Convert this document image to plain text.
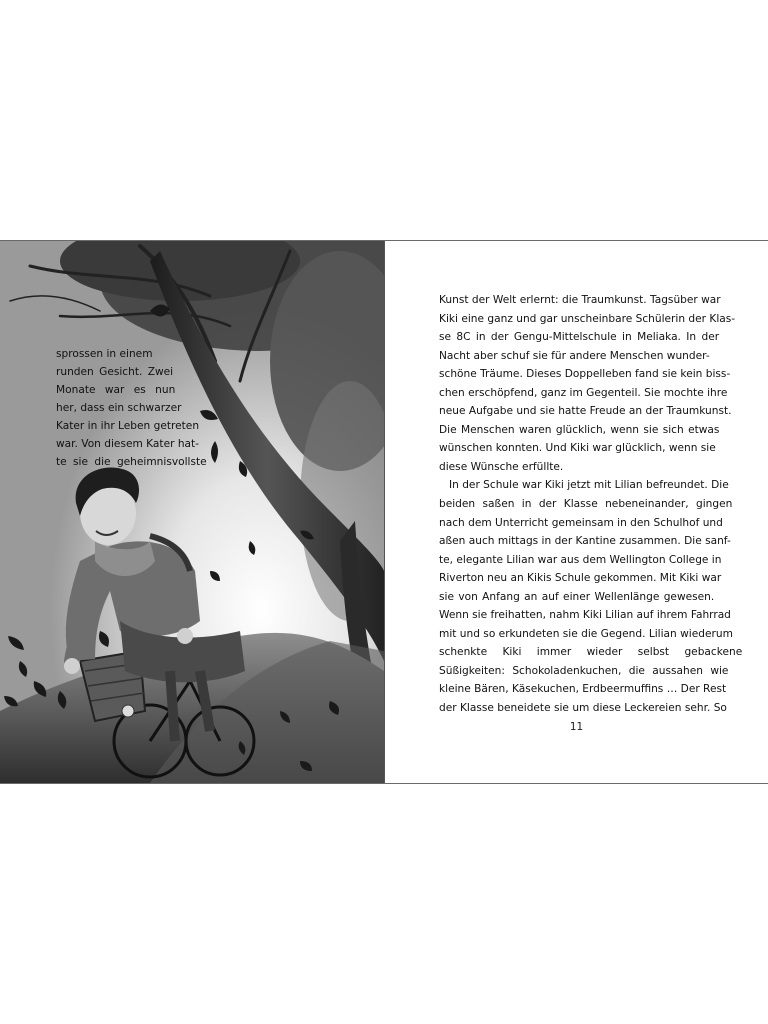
sprossen in einem
runden Gesicht. Zwei
Monate war es nun
her, dass ein schwarzer
Kater in ihr Leben getreten
war. Von diesem Kater hat-
te sie die geheimnisvollste
Kunst der Welt erlernt: die Traumkunst. Tagsüber war
Kiki eine ganz und gar unscheinbare Schülerin der Klas-
se 8C in der Gengu-Mittelschule in Meliaka. In der
Nacht aber schuf sie für andere Menschen wunder-
schöne Träume. Dieses Doppelleben fand sie kein biss-
chen erschöpfend, ganz im Gegenteil. Sie mochte ihre
neue Aufgabe und sie hatte Freude an der Traumkunst.
Die Menschen waren glücklich, wenn sie sich etwas
wünschen konnten. Und Kiki war glücklich, wenn sie
diese Wünsche erfüllte.
In der Schule war Kiki jetzt mit Lilian befreundet. Die
beiden saßen in der Klasse nebeneinander, gingen
nach dem Unterricht gemeinsam in den Schulhof und
aßen auch mittags in der Kantine zusammen. Die sanf-
te, elegante Lilian war aus dem Wellington College in
Riverton neu an Kikis Schule gekommen. Mit Kiki war
sie von Anfang an auf einer Wellenlänge gewesen.
Wenn sie freihatten, nahm Kiki Lilian auf ihrem Fahrrad
mit und so erkundeten sie die Gegend. Lilian wiederum
schenkte Kiki immer wieder selbst gebackene
Süßigkeiten: Schokoladenkuchen, die aussahen wie
kleine Bären, Käsekuchen, Erdbeermuffins … Der Rest
der Klasse beneidete sie um diese Leckereien sehr. So
11
